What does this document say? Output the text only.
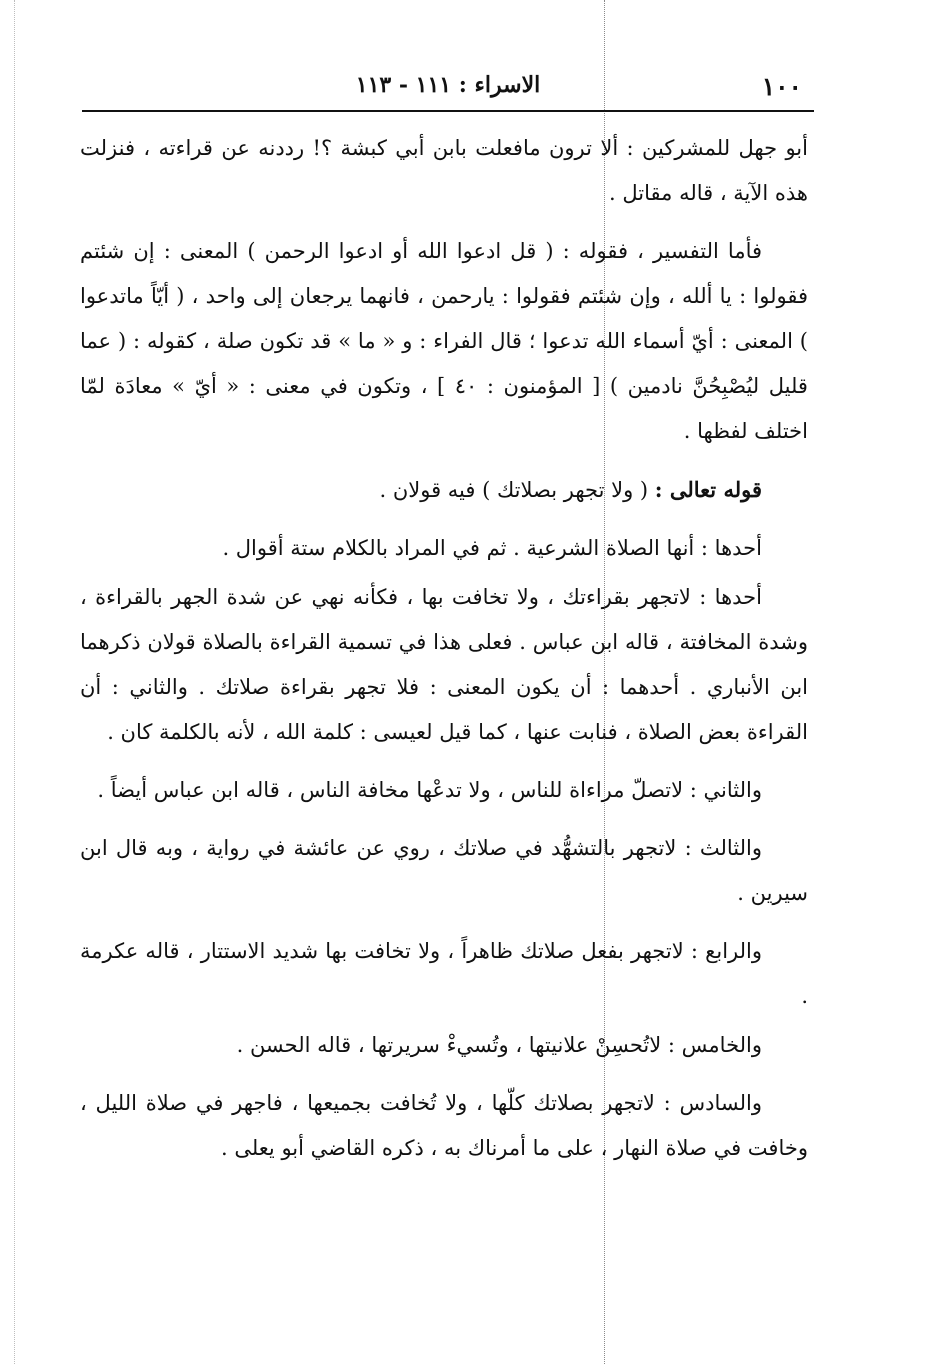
١٠٠
الاسراء : ١١١ - ١١٣

أبو جهل للمشركين : ألا ترون مافعلت بابن أبي كبشة ؟! رددنه عن قراءته ، فنزلت هذه الآية ، قاله مقاتل .

فأما التفسير ، فقوله : ( قل ادعوا الله أو ادعوا الرحمن ) المعنى : إن شئتم فقولوا : يا ألله ، وإن شئتم فقولوا : يارحمن ، فانهما يرجعان إلى واحد ، ( أيّاً ماتدعوا ) المعنى : أيّ أسماء الله تدعوا ؛ قال الفراء : و « ما » قد تكون صلة ، كقوله : ( عما قليل ليُصْبِحُنَّ نادمين ) [ المؤمنون : ٤٠ ] ، وتكون في معنى : « أيّ » معادَة لمّا اختلف لفظها .

قوله تعالى : ( ولا تجهر بصلاتك ) فيه قولان .

أحدها : أنها الصلاة الشرعية . ثم في المراد بالكلام ستة أقوال .

أحدها : لاتجهر بقراءتك ، ولا تخافت بها ، فكأنه نهي عن شدة الجهر بالقراءة ، وشدة المخافتة ، قاله ابن عباس . فعلى هذا في تسمية القراءة بالصلاة قولان ذكرهما ابن الأنباري . أحدهما : أن يكون المعنى : فلا تجهر بقراءة صلاتك . والثاني : أن القراءة بعض الصلاة ، فنابت عنها ، كما قيل لعيسى : كلمة الله ، لأنه بالكلمة كان .

والثاني : لاتصلّ مراءاة للناس ، ولا تدعْها مخافة الناس ، قاله ابن عباس أيضاً .

والثالث : لاتجهر بالتشهُّد في صلاتك ، روي عن عائشة في رواية ، وبه قال ابن سيرين .

والرابع : لاتجهر بفعل صلاتك ظاهراً ، ولا تخافت بها شديد الاستتار ، قاله عكرمة .

والخامس : لاتُحسِنْ علانيتها ، وتُسيءْ سريرتها ، قاله الحسن .

والسادس : لاتجهر بصلاتك كلّها ، ولا تُخافت بجميعها ، فاجهر في صلاة الليل ، وخافت في صلاة النهار ، على ما أمرناك به ، ذكره القاضي أبو يعلى .
